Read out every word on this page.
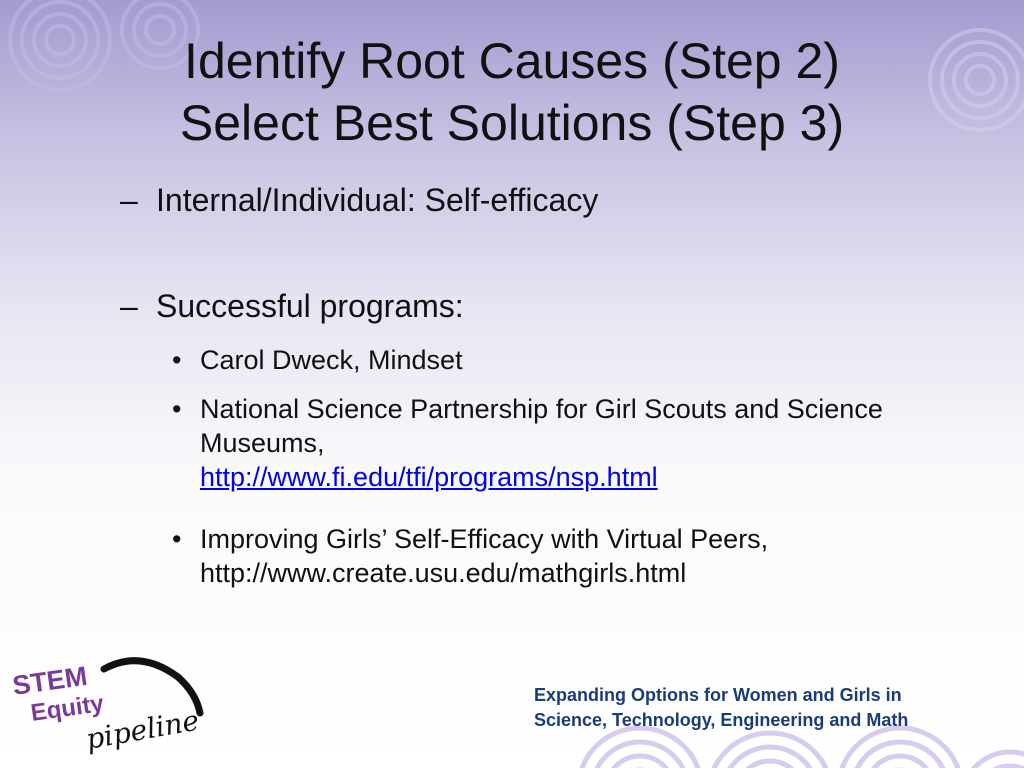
Identify Root Causes (Step 2)
Select Best Solutions (Step 3)
– Internal/Individual: Self-efficacy
– Successful programs:
• Carol Dweck, Mindset
• National Science Partnership for Girl Scouts and Science Museums,
http://www.fi.edu/tfi/programs/nsp.html
• Improving Girls’ Self-Efficacy with Virtual Peers, http://www.create.usu.edu/mathgirls.html
STEM
Equity
pipeline
Expanding Options for Women and Girls in
Science, Technology, Engineering and Math
